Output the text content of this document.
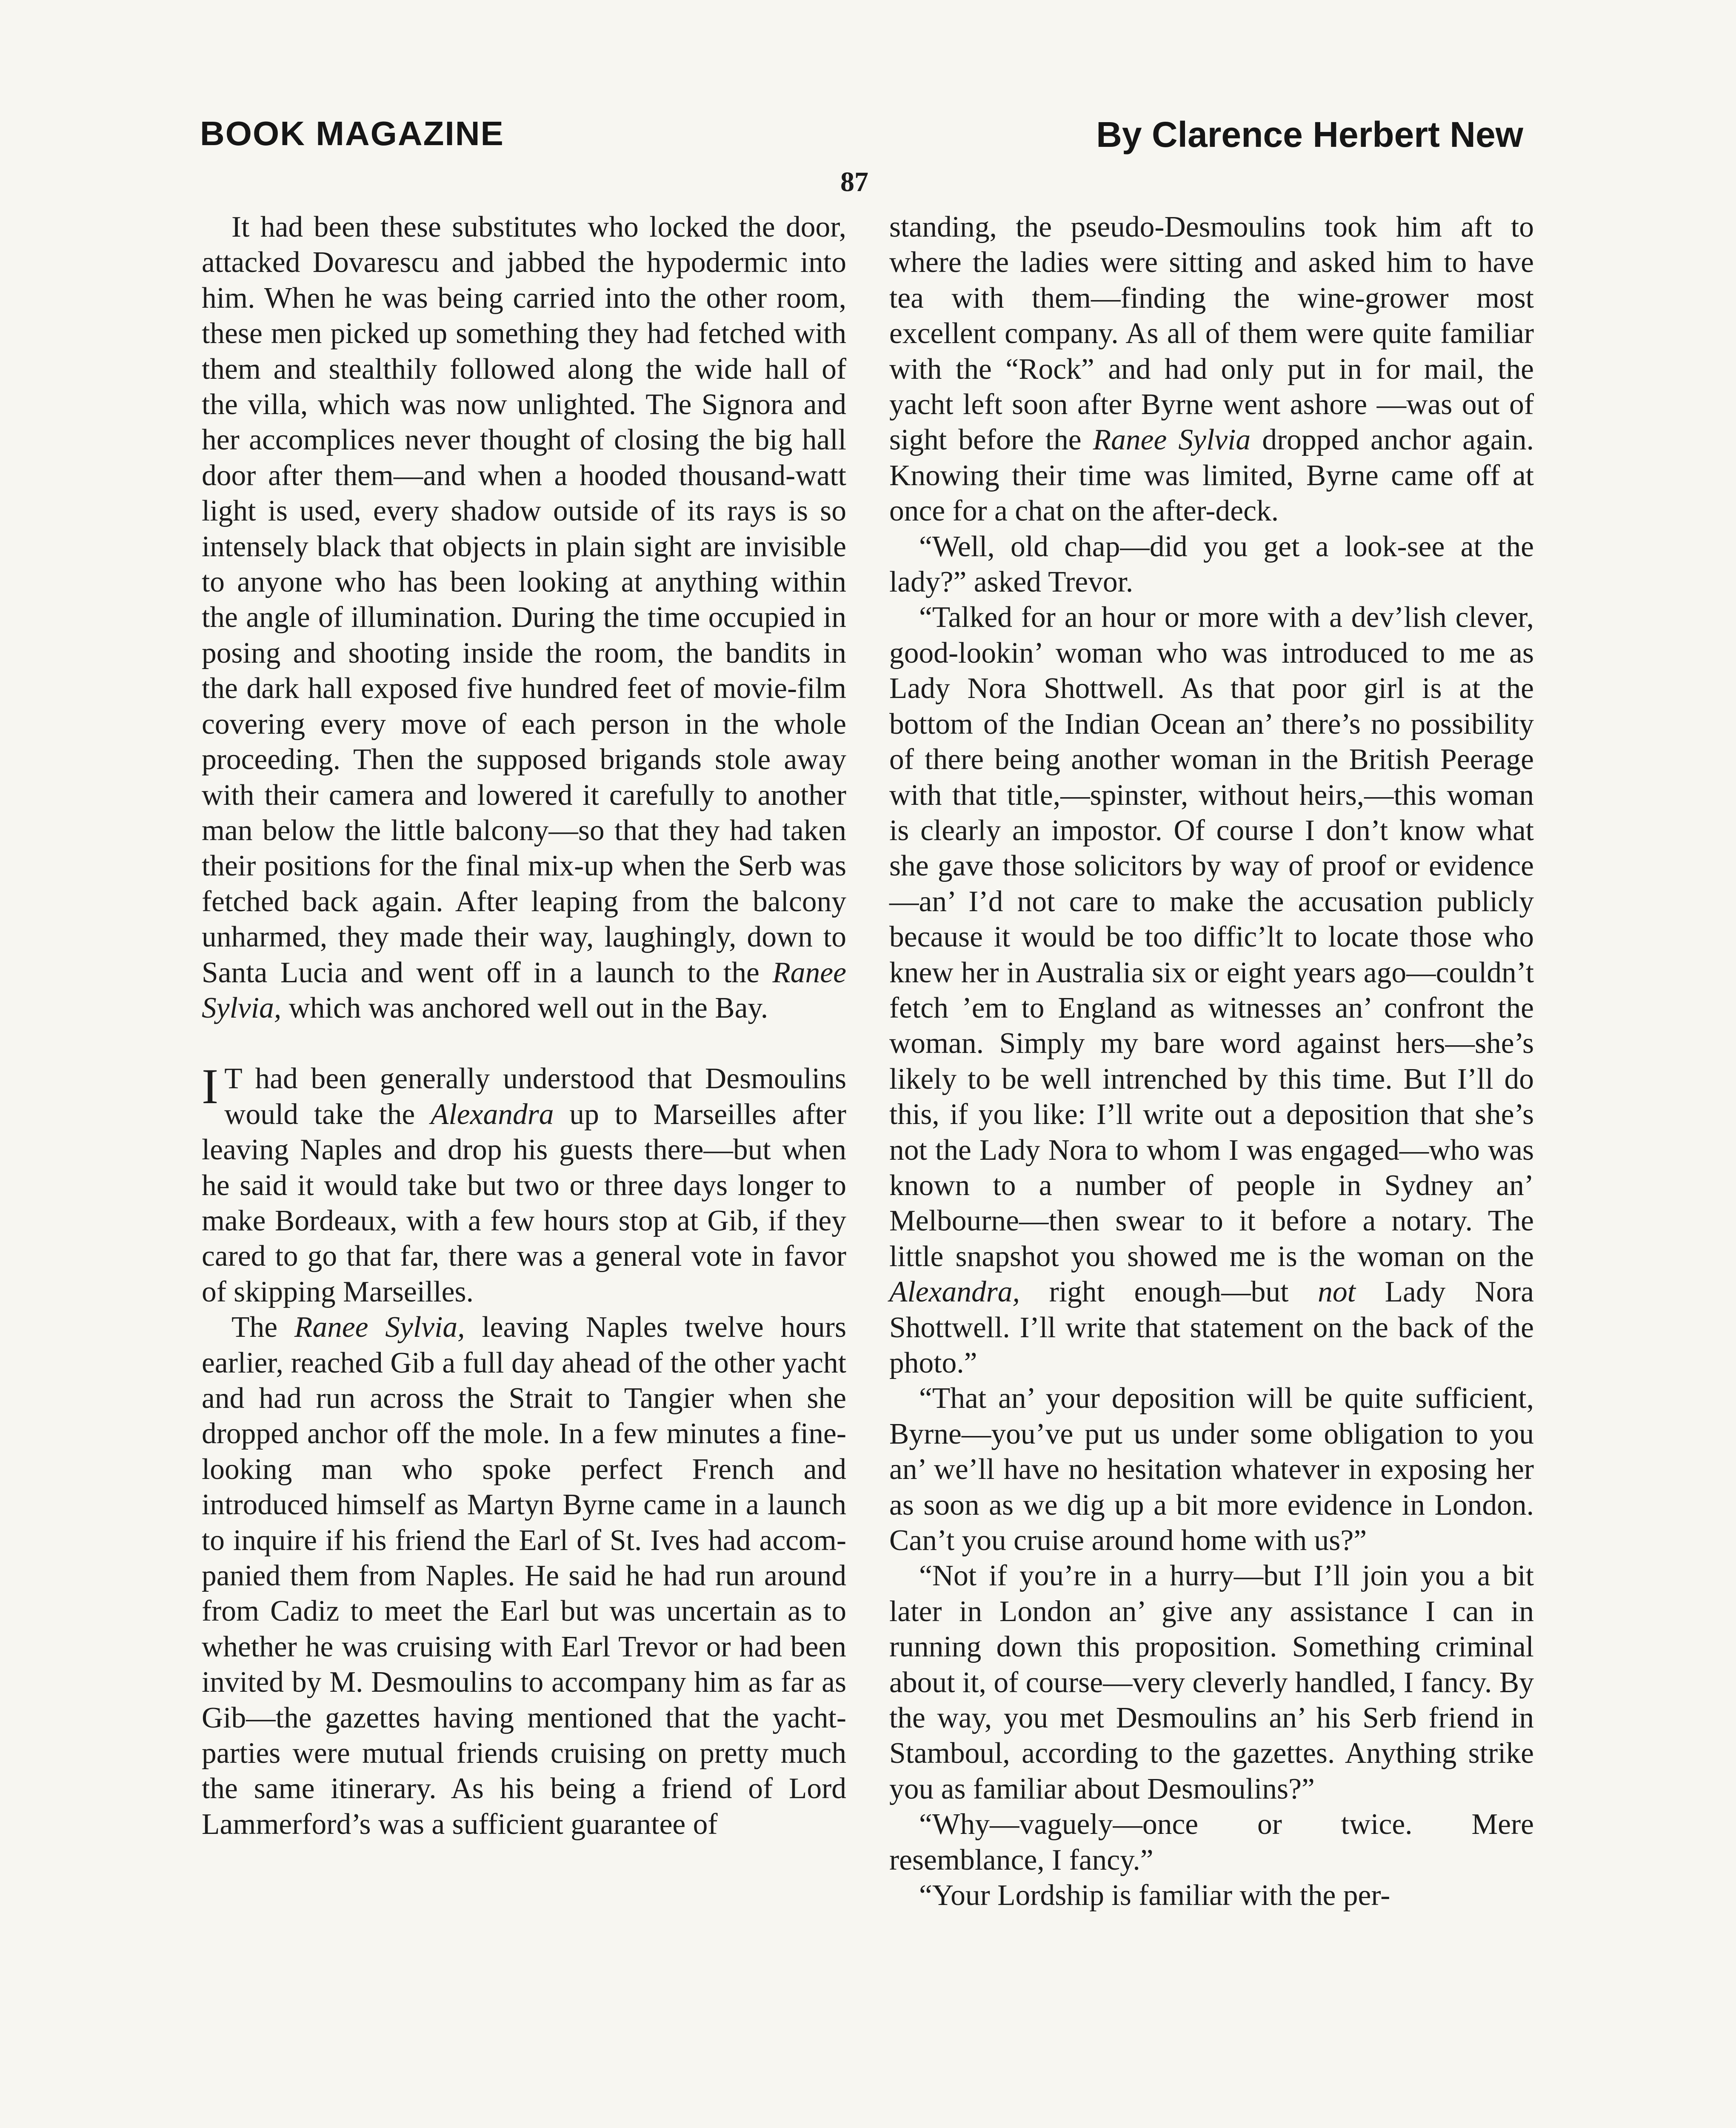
BOOK MAGAZINE	By Clarence Herbert New
87

It had been these substitutes who locked the door, attacked Dovarescu and jabbed the hypodermic into him. When he was being carried into the other room, these men picked up something they had fetched with them and stealthily followed along the wide hall of the villa, which was now unlighted. The Signora and her accomplices never thought of closing the big hall door after them—and when a hooded thousand-watt light is used, every shadow outside of its rays is so intensely black that objects in plain sight are invisible to anyone who has been looking at anything within the angle of illumination. During the time occupied in posing and shooting inside the room, the bandits in the dark hall exposed five hundred feet of movie-film covering every move of each person in the whole proceeding. Then the supposed brigands stole away with their camera and lowered it carefully to another man below the little balcony—so that they had taken their positions for the final mix-up when the Serb was fetched back again. After leaping from the balcony unharmed, they made their way, laughingly, down to Santa Lucia and went off in a launch to the Ranee Sylvia, which was anchored well out in the Bay.

I T had been generally understood that Desmoulins would take the Alexandra up to Marseilles after leaving Naples and drop his guests there—but when he said it would take but two or three days longer to make Bordeaux, with a few hours stop at Gib, if they cared to go that far, there was a general vote in favor of skipping Marseilles.

The Ranee Sylvia, leaving Naples twelve hours earlier, reached Gib a full day ahead of the other yacht and had run across the Strait to Tangier when she dropped anchor off the mole. In a few minutes a fine-looking man who spoke perfect French and introduced himself as Martyn Byrne came in a launch to inquire if his friend the Earl of St. Ives had accompanied them from Naples. He said he had run around from Cadiz to meet the Earl but was uncertain as to whether he was cruising with Earl Trevor or had been invited by M. Desmoulins to accompany him as far as Gib—the gazettes having mentioned that the yacht-parties were mutual friends cruising on pretty much the same itinerary. As his being a friend of Lord Lammerford’s was a sufficient guarantee of

standing, the pseudo-Desmoulins took him aft to where the ladies were sitting and asked him to have tea with them—finding the wine-grower most excellent company. As all of them were quite familiar with the “Rock” and had only put in for mail, the yacht left soon after Byrne went ashore —was out of sight before the Ranee Sylvia dropped anchor again. Knowing their time was limited, Byrne came off at once for a chat on the after-deck.

“Well, old chap—did you get a look-see at the lady?” asked Trevor.

“Talked for an hour or more with a dev’lish clever, good-lookin’ woman who was introduced to me as Lady Nora Shottwell. As that poor girl is at the bottom of the Indian Ocean an’ there’s no possibility of there being another woman in the British Peerage with that title,—spinster, without heirs,—this woman is clearly an impostor. Of course I don’t know what she gave those solicitors by way of proof or evidence—an’ I’d not care to make the accusation publicly because it would be too diffic’lt to locate those who knew her in Australia six or eight years ago—couldn’t fetch ’em to England as witnesses an’ confront the woman. Simply my bare word against hers—she’s likely to be well intrenched by this time. But I’ll do this, if you like: I’ll write out a deposition that she’s not the Lady Nora to whom I was engaged—who was known to a number of people in Sydney an’ Melbourne—then swear to it before a notary. The little snapshot you showed me is the woman on the Alexandra, right enough—but not Lady Nora Shottwell. I’ll write that statement on the back of the photo.”

“That an’ your deposition will be quite sufficient, Byrne—you’ve put us under some obligation to you an’ we’ll have no hesitation whatever in exposing her as soon as we dig up a bit more evidence in London. Can’t you cruise around home with us?”

“Not if you’re in a hurry—but I’ll join you a bit later in London an’ give any assistance I can in running down this proposition. Something criminal about it, of course—very cleverly handled, I fancy. By the way, you met Desmoulins an’ his Serb friend in Stamboul, according to the gazettes. Anything strike you as familiar about Desmoulins?”

“Why—vaguely—once or twice. Mere resemblance, I fancy.”

“Your Lordship is familiar with the per-
